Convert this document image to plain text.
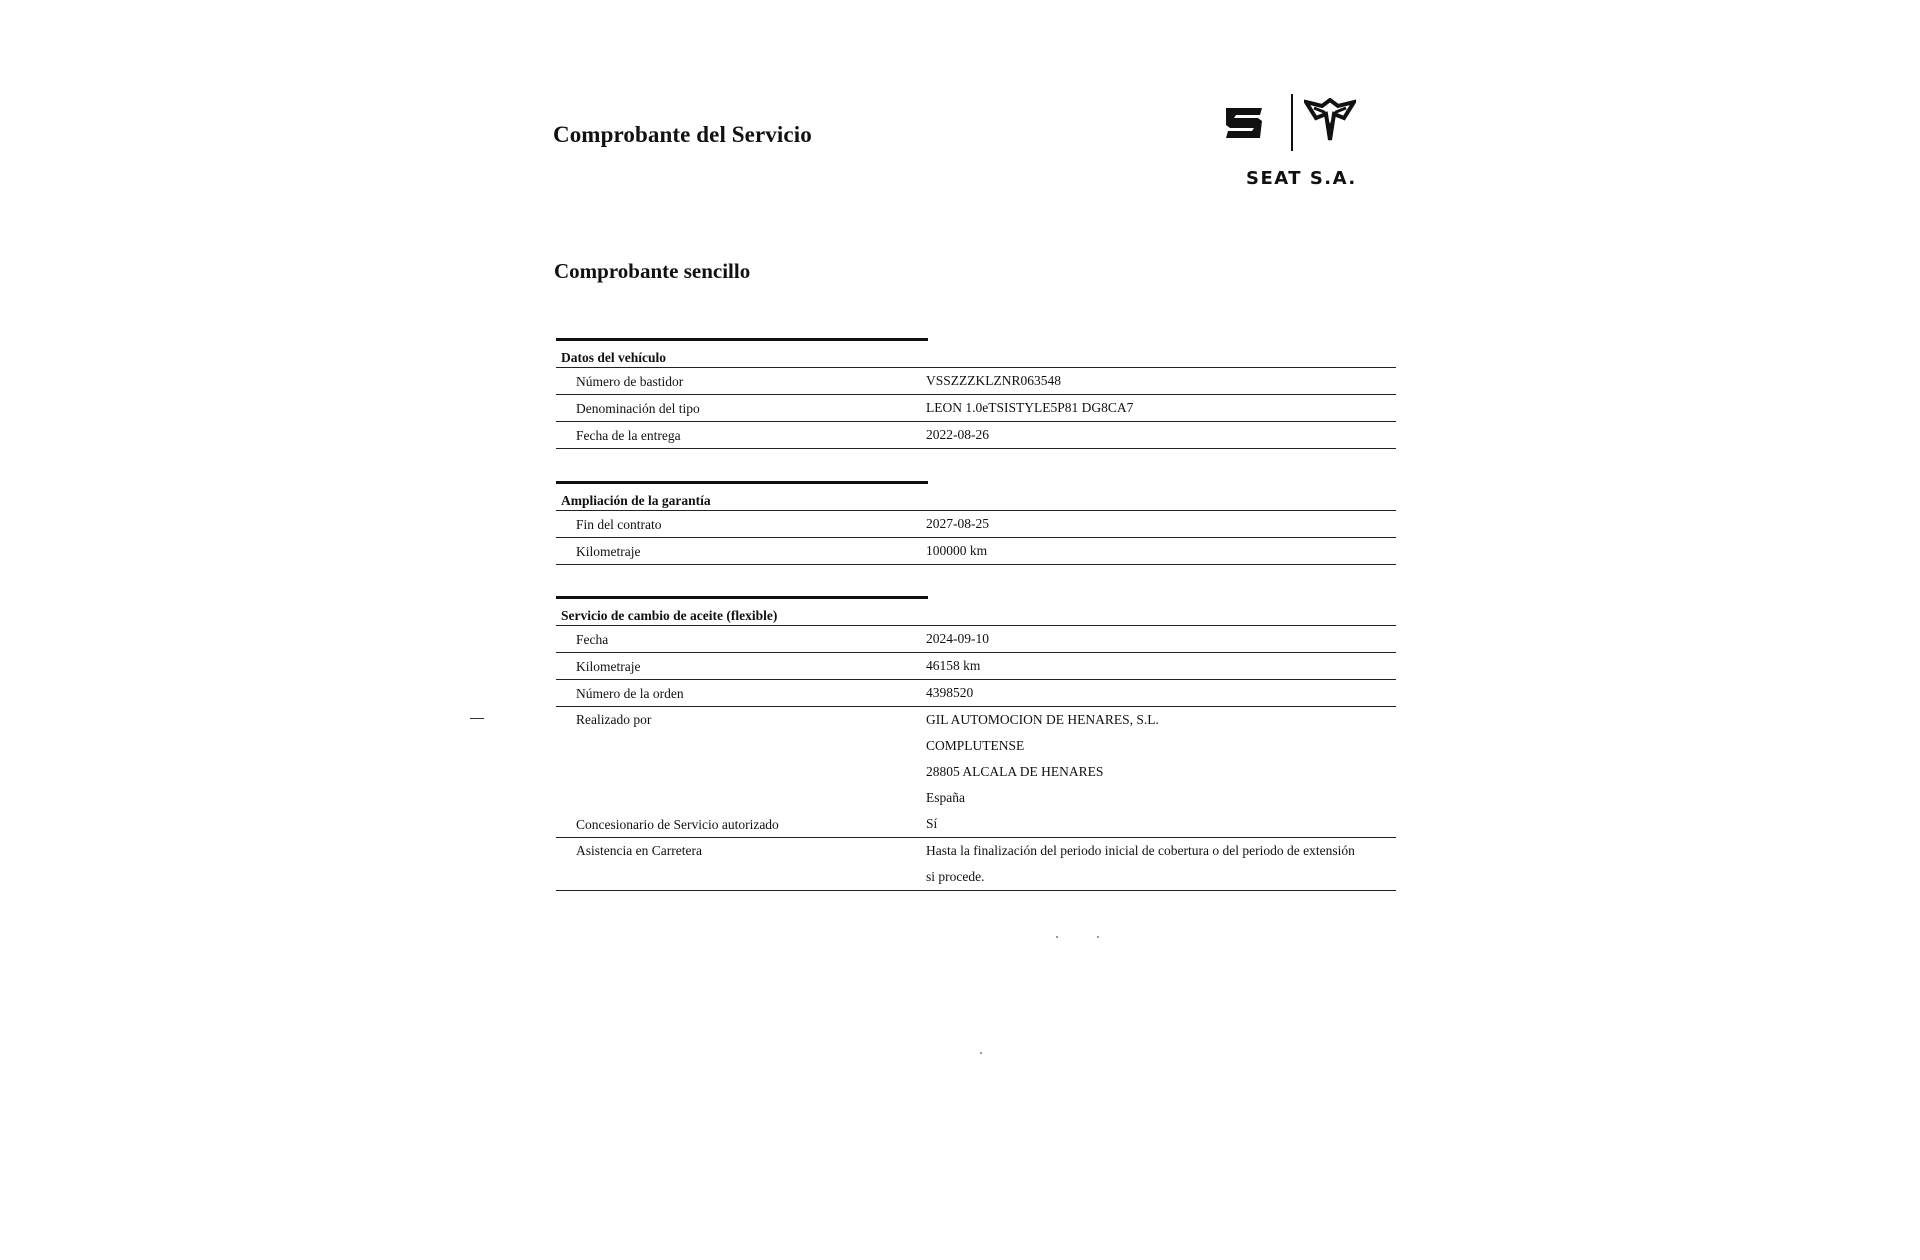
Comprobante del Servicio
SEAT S.A.
Comprobante sencillo
Datos del vehículo
Número de bastidor	VSSZZZKLZNR063548
Denominación del tipo	LEON 1.0eTSISTYLE5P81 DG8CA7
Fecha de la entrega	2022-08-26
Ampliación de la garantía
Fin del contrato	2027-08-25
Kilometraje	100000 km
Servicio de cambio de aceite (flexible)
Fecha	2024-09-10
Kilometraje	46158 km
Número de la orden	4398520
Realizado por	GIL AUTOMOCION DE HENARES, S.L.
COMPLUTENSE
28805 ALCALA DE HENARES
España
Concesionario de Servicio autorizado	Sí
Asistencia en Carretera	Hasta la finalización del periodo inicial de cobertura o del periodo de extensión
si procede.
